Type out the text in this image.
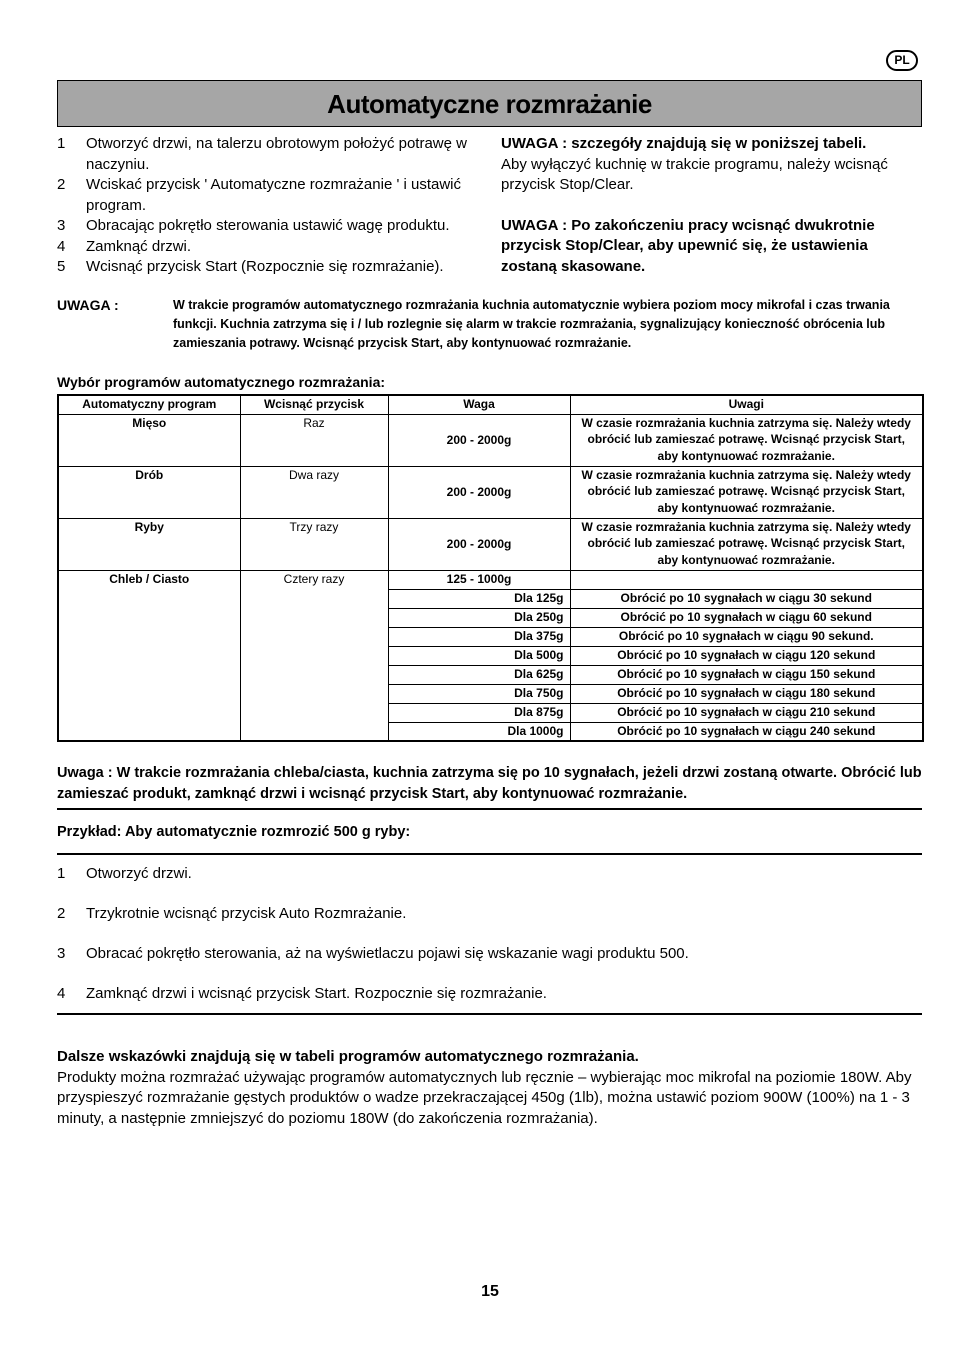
PL
Automatyczne rozmrażanie
1	Otworzyć drzwi, na talerzu obrotowym położyć potrawę w naczyniu.
2	Wciskać przycisk ' Automatyczne rozmrażanie ' i ustawić program.
3	Obracając pokrętło sterowania ustawić wagę produktu.
4	Zamknąć drzwi.
5	Wcisnąć przycisk Start (Rozpocznie się rozmrażanie).
UWAGA : szczegóły znajdują się w poniższej tabeli.
Aby wyłączyć kuchnię w trakcie programu, należy wcisnąć przycisk Stop/Clear.
UWAGA : Po zakończeniu pracy wcisnąć dwukrotnie przycisk Stop/Clear, aby upewnić się, że ustawienia zostaną skasowane.
UWAGA :	W trakcie programów automatycznego rozmrażania kuchnia automatycznie wybiera poziom mocy mikrofal i czas trwania funkcji. Kuchnia zatrzyma się i / lub rozlegnie się alarm w trakcie rozmrażania, sygnalizujący konieczność obrócenia lub zamieszania potrawy. Wcisnąć przycisk Start, aby kontynuować rozmrażanie.
Wybór programów automatycznego rozmrażania:
Automatyczny program	Wcisnąć przycisk	Waga	Uwagi
Mięso	Raz	200 - 2000g	W czasie rozmrażania kuchnia zatrzyma się. Należy wtedy obrócić lub zamieszać potrawę. Wcisnąć przycisk Start, aby kontynuować rozmrażanie.
Drób	Dwa razy	200 - 2000g	W czasie rozmrażania kuchnia zatrzyma się. Należy wtedy obrócić lub zamieszać potrawę. Wcisnąć przycisk Start, aby kontynuować rozmrażanie.
Ryby	Trzy razy	200 - 2000g	W czasie rozmrażania kuchnia zatrzyma się. Należy wtedy obrócić lub zamieszać potrawę. Wcisnąć przycisk Start, aby kontynuować rozmrażanie.
Chleb / Ciasto	Cztery razy	125 - 1000g	
		Dla 125g	Obrócić po 10 sygnałach w ciągu 30 sekund
		Dla 250g	Obrócić po 10 sygnałach w ciągu 60 sekund
		Dla 375g	Obrócić po 10 sygnałach w ciągu 90 sekund.
		Dla 500g	Obrócić po 10 sygnałach w ciągu 120 sekund
		Dla 625g	Obrócić po 10 sygnałach w ciągu 150 sekund
		Dla 750g	Obrócić po 10 sygnałach w ciągu 180 sekund
		Dla 875g	Obrócić po 10 sygnałach w ciągu 210 sekund
		Dla 1000g	Obrócić po 10 sygnałach w ciągu 240 sekund
Uwaga : W trakcie rozmrażania chleba/ciasta, kuchnia zatrzyma się po 10 sygnałach, jeżeli drzwi zostaną otwarte. Obrócić lub zamieszać produkt, zamknąć drzwi i wcisnąć przycisk Start, aby kontynuować rozmrażanie.
Przykład: Aby automatycznie rozmrozić 500 g ryby:
1	Otworzyć drzwi.
2	Trzykrotnie wcisnąć przycisk Auto Rozmrażanie.
3	Obracać pokrętło sterowania, aż na wyświetlaczu pojawi się wskazanie wagi produktu 500.
4	Zamknąć drzwi i wcisnąć przycisk Start. Rozpocznie się rozmrażanie.
Dalsze wskazówki znajdują się w tabeli programów automatycznego rozmrażania.
Produkty można rozmrażać używając programów automatycznych lub ręcznie – wybierając moc mikrofal na poziomie 180W. Aby przyspieszyć rozmrażanie gęstych produktów o wadze przekraczającej 450g (1lb), można ustawić poziom 900W (100%) na 1 - 3 minuty, a następnie zmniejszyć do poziomu 180W (do zakończenia rozmrażania).
15
